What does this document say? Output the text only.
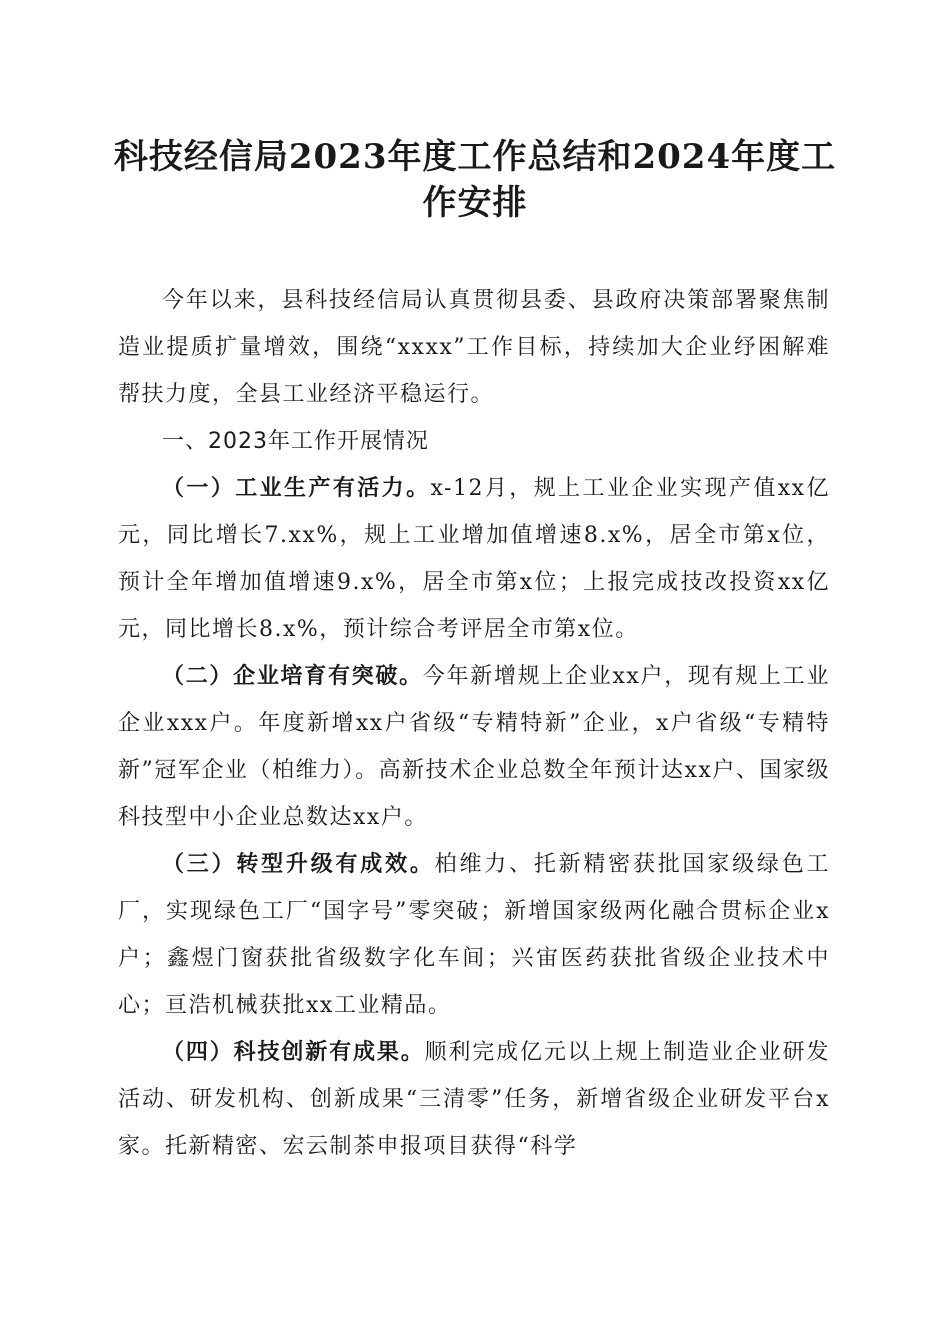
科技经信局2023年度工作总结和2024年度工作安排

今年以来，县科技经信局认真贯彻县委、县政府决策部署聚焦制造业提质扩量增效，围绕“xxxx”工作目标，持续加大企业纾困解难帮扶力度，全县工业经济平稳运行。

一、2023年工作开展情况

（一）工业生产有活力。x-12月，规上工业企业实现产值xx亿元，同比增长7.xx%，规上工业增加值增速8.x%，居全市第x位，预计全年增加值增速9.x%，居全市第x位；上报完成技改投资xx亿元，同比增长8.x%，预计综合考评居全市第x位。

（二）企业培育有突破。今年新增规上企业xx户，现有规上工业企业xxx户。年度新增xx户省级“专精特新”企业，x户省级“专精特新”冠军企业（柏维力）。高新技术企业总数全年预计达xx户、国家级科技型中小企业总数达xx户。

（三）转型升级有成效。柏维力、托新精密获批国家级绿色工厂，实现绿色工厂“国字号”零突破；新增国家级两化融合贯标企业x户；鑫煜门窗获批省级数字化车间；兴宙医药获批省级企业技术中心；亘浩机械获批xx工业精品。

（四）科技创新有成果。顺利完成亿元以上规上制造业企业研发活动、研发机构、创新成果“三清零”任务，新增省级企业研发平台x家。托新精密、宏云制茶申报项目获得“科学
